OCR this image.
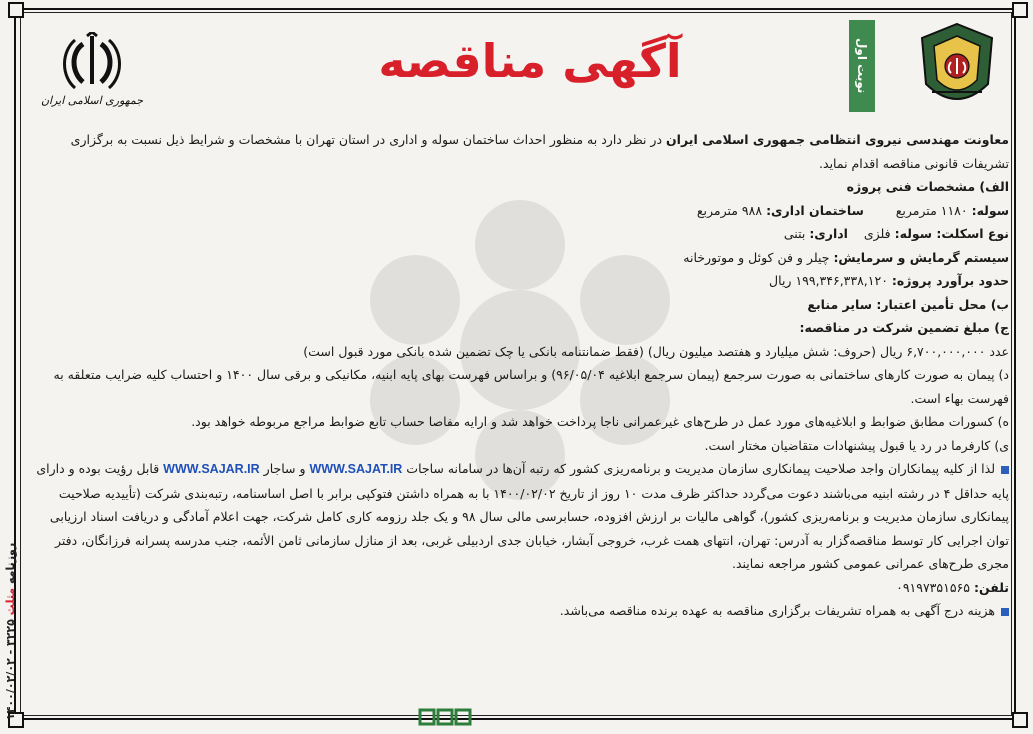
روزنامه مثلث ۳۲۲۵ - ۱۴۰۰/۰۲/۰۲
جمهوری اسلامی ایران
آگهی مناقصه	نوبت اول

معاونت مهندسی نیروی انتظامی جمهوری اسلامی ایران در نظر دارد به منظور احداث ساختمان سوله و اداری در استان تهران با مشخصات و شرایط ذیل نسبت به برگزاری تشریفات قانونی مناقصه اقدام نماید.

الف) مشخصات فنی پروژه

سوله: ۱۱۸۰ مترمربع        ساختمان اداری: ۹۸۸ مترمربع

نوع اسکلت: سوله: فلزی    اداری: بتنی

سیستم گرمایش و سرمایش: چیلر و فن کوئل و موتورخانه

حدود برآورد پروژه: ۱۹۹,۳۴۶,۳۳۸,۱۲۰ ریال

ب) محل تأمین اعتبار: سایر منابع

ج) مبلغ تضمین شرکت در مناقصه:

عدد ۶,۷۰۰,۰۰۰,۰۰۰ ریال (حروف: شش میلیارد و هفتصد میلیون ریال) (فقط ضمانتنامه بانکی یا چک تضمین شده بانکی مورد قبول است)

د) پیمان به صورت کارهای ساختمانی به صورت سرجمع (پیمان سرجمع ابلاغیه ۹۶/۰۵/۰۴) و براساس فهرست بهای پایه ابنیه، مکانیکی و برقی سال ۱۴۰۰ و احتساب کلیه ضرایب متعلقه به فهرست بهاء است.

ه) کسورات مطابق ضوابط و ابلاغیه‌های مورد عمل در طرح‌های غیرعمرانی ناجا پرداخت خواهد شد و ارایه مفاصا حساب تابع ضوابط مراجع مربوطه خواهد بود.

ی) کارفرما در رد یا قبول پیشنهادات متقاضیان مختار است.

لذا از کلیه پیمانکاران واجد صلاحیت پیمانکاری سازمان مدیریت و برنامه‌ریزی کشور که رتبه آن‌ها در سامانه ساجات WWW.SAJAT.IR و ساجار WWW.SAJAR.IR قابل رؤیت بوده و دارای پایه حداقل ۴ در رشته ابنیه می‌باشند دعوت می‌گردد حداکثر ظرف مدت ۱۰ روز از تاریخ ۱۴۰۰/۰۲/۰۲ با به همراه داشتن فتوکپی برابر با اصل اساسنامه، رتبه‌بندی شرکت (تأییدیه صلاحیت پیمانکاری سازمان مدیریت و برنامه‌ریزی کشور)، گواهی مالیات بر ارزش افزوده، حسابرسی مالی سال ۹۸ و یک جلد رزومه کاری کامل شرکت، جهت اعلام آمادگی و دریافت اسناد ارزیابی توان اجرایی کار توسط مناقصه‌گزار به آدرس: تهران، انتهای همت غرب، خروجی آبشار، خیابان جدی اردبیلی غربی، بعد از منازل سازمانی ثامن الأئمه، جنب مدرسه پسرانه فرزانگان، دفتر مجری طرح‌های عمرانی عمومی کشور مراجعه نمایند.

تلفن: ۰۹۱۹۷۳۵۱۵۶۵

هزینه درج آگهی به همراه تشریفات برگزاری مناقصه به عهده برنده مناقصه می‌باشد.
